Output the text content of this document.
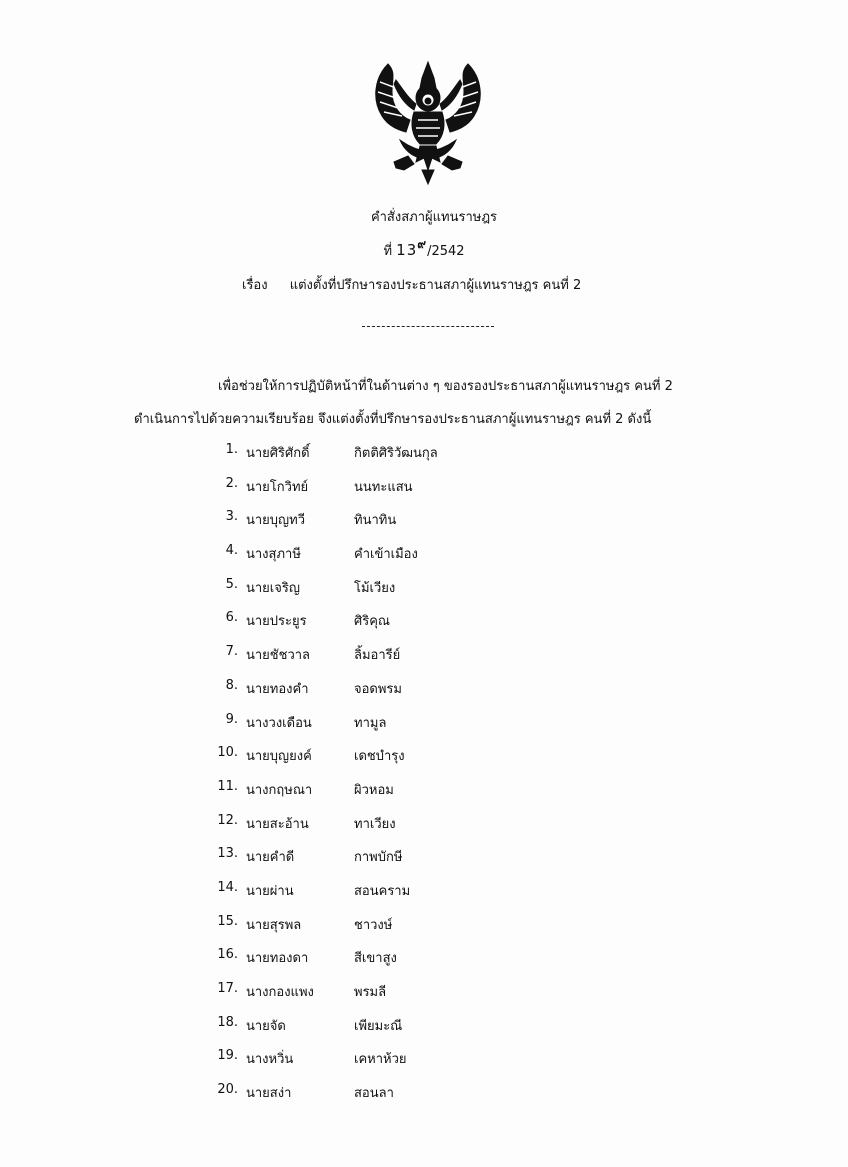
คำสั่งสภาผู้แทนราษฎร
ที่ 13๙/2542
เรื่อง แต่งตั้งที่ปรึกษารองประธานสภาผู้แทนราษฎร คนที่ 2
เพื่อช่วยให้การปฏิบัติหน้าที่ในด้านต่าง ๆ ของรองประธานสภาผู้แทนราษฎร คนที่ 2
ดำเนินการไปด้วยความเรียบร้อย จึงแต่งตั้งที่ปรึกษารองประธานสภาผู้แทนราษฎร คนที่ 2 ดังนี้
1. นายศิริศักดิ์	กิตติศิริวัฒนกุล
2. นายโกวิทย์	นนทะแสน
3. นายบุญทวี	ทินาทิน
4. นางสุภาษี	คำเข้าเมือง
5. นายเจริญ	โม้เวียง
6. นายประยูร	ศิริคุณ
7. นายชัชวาล	ลิ้มอารีย์
8. นายทองคำ	จอดพรม
9. นางวงเดือน	ทามูล
10. นายบุญยงค์	เดชบำรุง
11. นางกฤษณา	ผิวหอม
12. นายสะอ้าน	ทาเวียง
13. นายคำดี	กาพบักษี
14. นายผ่าน	สอนคราม
15. นายสุรพล	ชาวงษ์
16. นายทองดา	สีเขาสูง
17. นางกองแพง	พรมลี
18. นายจัด	เพียมะณี
19. นางหวิ่น	เคหาห้วย
20. นายสง่า	สอนลา
